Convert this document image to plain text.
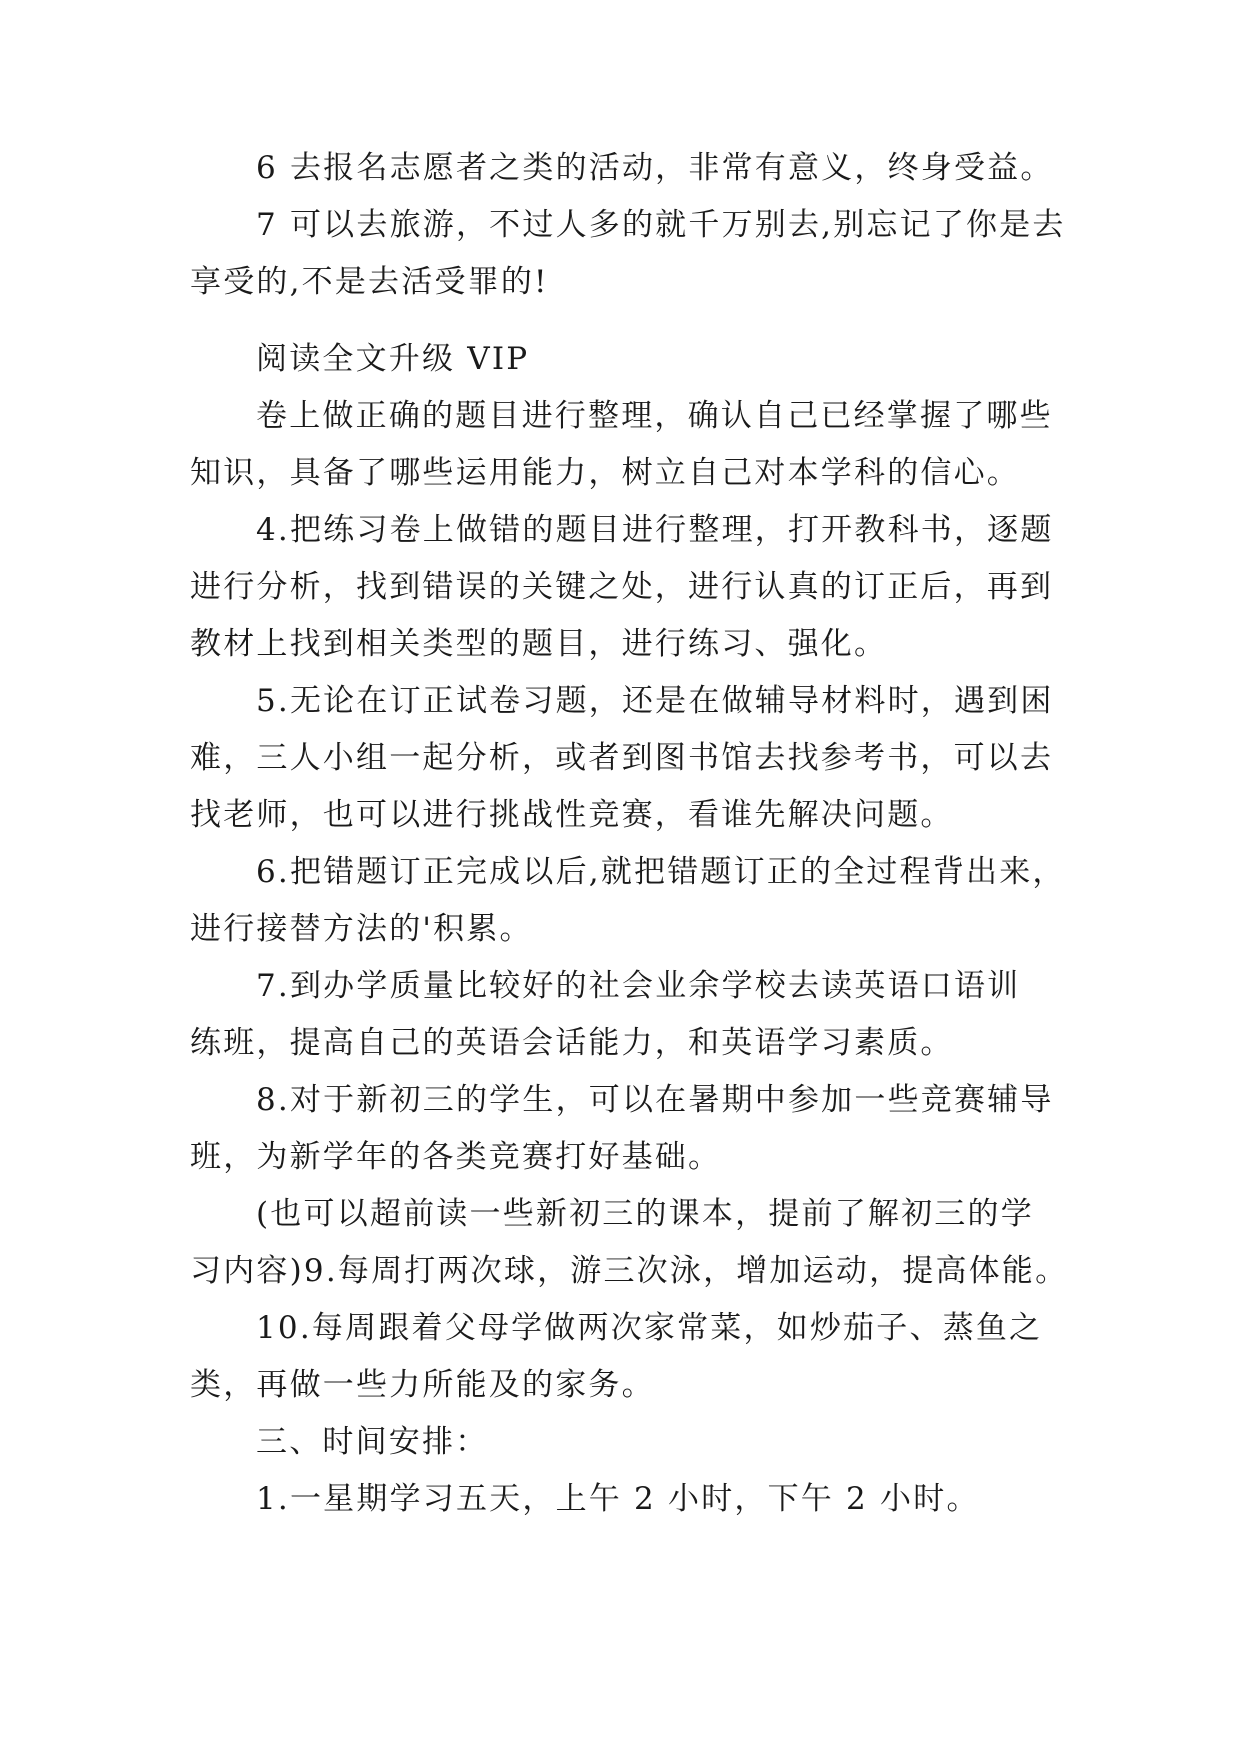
6 去报名志愿者之类的活动，非常有意义，终身受益。
7 可以去旅游，不过人多的就千万别去,别忘记了你是去
享受的,不是去活受罪的!
阅读全文升级 VIP
卷上做正确的题目进行整理，确认自己已经掌握了哪些
知识，具备了哪些运用能力，树立自己对本学科的信心。
4.把练习卷上做错的题目进行整理，打开教科书，逐题
进行分析，找到错误的关键之处，进行认真的订正后，再到
教材上找到相关类型的题目，进行练习、强化。
5.无论在订正试卷习题，还是在做辅导材料时，遇到困
难，三人小组一起分析，或者到图书馆去找参考书，可以去
找老师，也可以进行挑战性竞赛，看谁先解决问题。
6.把错题订正完成以后,就把错题订正的全过程背出来，
进行接替方法的'积累。
7.到办学质量比较好的社会业余学校去读英语口语训
练班，提高自己的英语会话能力，和英语学习素质。
8.对于新初三的学生，可以在暑期中参加一些竞赛辅导
班，为新学年的各类竞赛打好基础。
(也可以超前读一些新初三的课本，提前了解初三的学
习内容)9.每周打两次球，游三次泳，增加运动，提高体能。
10.每周跟着父母学做两次家常菜，如炒茄子、蒸鱼之
类，再做一些力所能及的家务。
三、时间安排：
1.一星期学习五天，上午 2 小时，下午 2 小时。
